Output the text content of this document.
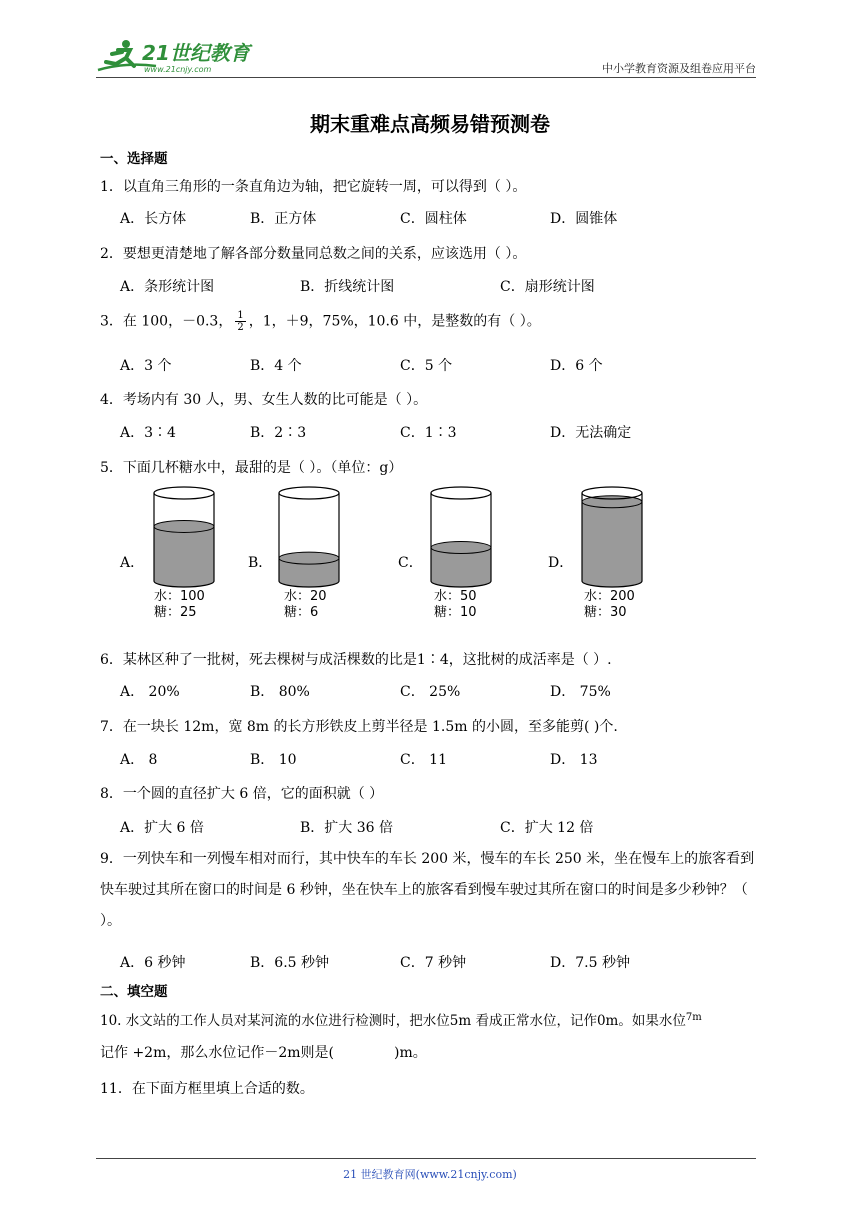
21世纪教育
www.21cnjy.com	中小学教育资源及组卷应用平台
期末重难点高频易错预测卷
一、选择题
1．以直角三角形的一条直角边为轴，把它旋转一周，可以得到（ ）。
A．长方体	B．正方体	C．圆柱体	D．圆锥体
2．要想更清楚地了解各部分数量同总数之间的关系，应该选用（ ）。
A．条形统计图	B．折线统计图	C．扇形统计图
3．在 100，－0.3， $\frac{1}{2}$ ，1，＋9，75%，10.6 中，是整数的有（ ）。
A．3 个	B．4 个	C．5 个	D．6 个
4．考场内有 30 人，男、女生人数的比可能是（ ）。
A．3∶4	B．2∶3	C．1∶3	D．无法确定
5．下面几杯糖水中，最甜的是（ ）。（单位：g）
A．
水：100
糖：25
B．
水：20
糖：6
C．
水：50
糖：10
D．
水：200
糖：30
6．某林区种了一批树，死去棵树与成活棵数的比是1∶4，这批树的成活率是（ ）.
A． 20%	B． 80%	C． 25%	D． 75%
7．在一块长 12m，宽 8m 的长方形铁皮上剪半径是 1.5m 的小圆，至多能剪( )个.
A． 8	B． 10	C． 11	D． 13
8．一个圆的直径扩大 6 倍，它的面积就（ ）
A．扩大 6 倍	B．扩大 36 倍	C．扩大 12 倍
9．一列快车和一列慢车相对而行，其中快车的车长 200 米，慢车的车长 250 米，坐在慢车上的旅客看到快车驶过其所在窗口的时间是 6 秒钟，坐在快车上的旅客看到慢车驶过其所在窗口的时间是多少秒钟？（ ）。
A．6 秒钟	B．6.5 秒钟	C．7 秒钟	D．7.5 秒钟
二、填空题
10. 水文站的工作人员对某河流的水位进行检测时，把水位5m 看成正常水位，记作0m。如果水位$^{7m}$
记作 +2m，那么水位记作－2m则是(	)m。
11．在下面方框里填上合适的数。
21 世纪教育网(www.21cnjy.com)
